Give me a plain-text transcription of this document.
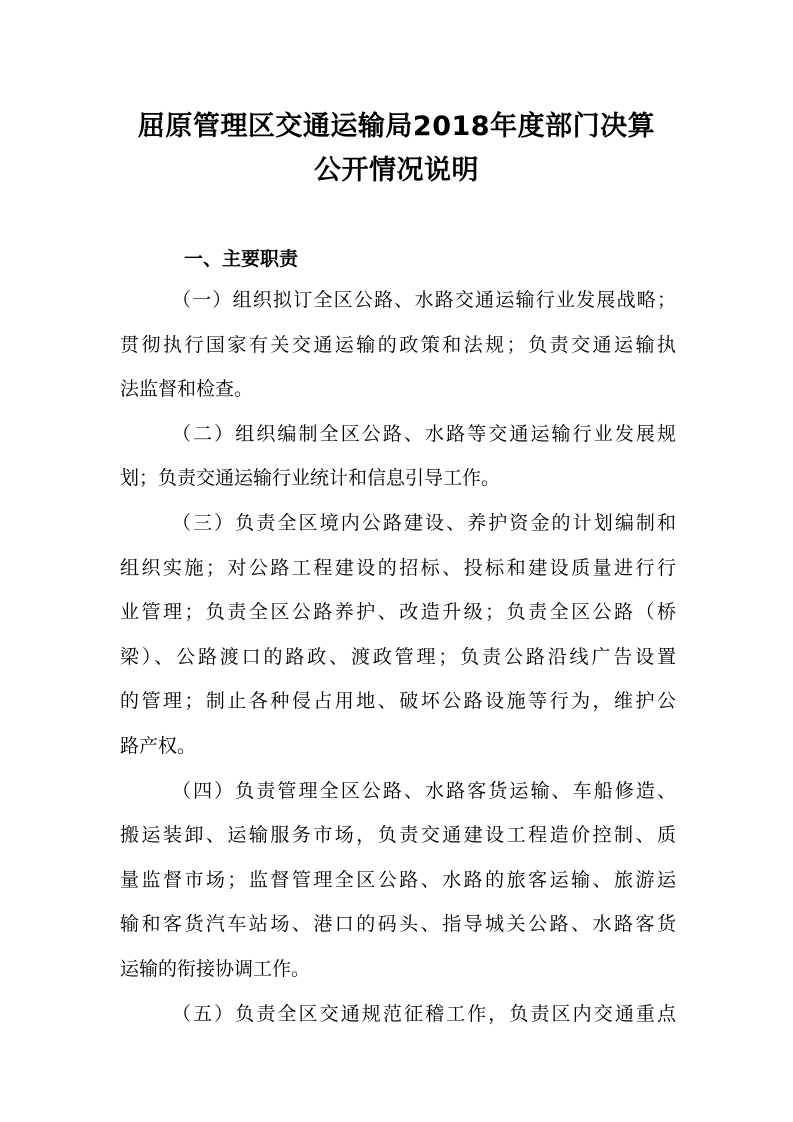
屈原管理区交通运输局2018年度部门决算
公开情况说明
一、主要职责
（一）组织拟订全区公路、水路交通运输行业发展战略；
贯彻执行国家有关交通运输的政策和法规；负责交通运输执
法监督和检查。
（二）组织编制全区公路、水路等交通运输行业发展规
划；负责交通运输行业统计和信息引导工作。
（三）负责全区境内公路建设、养护资金的计划编制和
组织实施；对公路工程建设的招标、投标和建设质量进行行
业管理；负责全区公路养护、改造升级；负责全区公路（桥
梁）、公路渡口的路政、渡政管理；负责公路沿线广告设置
的管理；制止各种侵占用地、破坏公路设施等行为，维护公
路产权。
（四）负责管理全区公路、水路客货运输、车船修造、
搬运装卸、运输服务市场，负责交通建设工程造价控制、质
量监督市场；监督管理全区公路、水路的旅客运输、旅游运
输和客货汽车站场、港口的码头、指导城关公路、水路客货
运输的衔接协调工作。
（五）负责全区交通规范征稽工作，负责区内交通重点
